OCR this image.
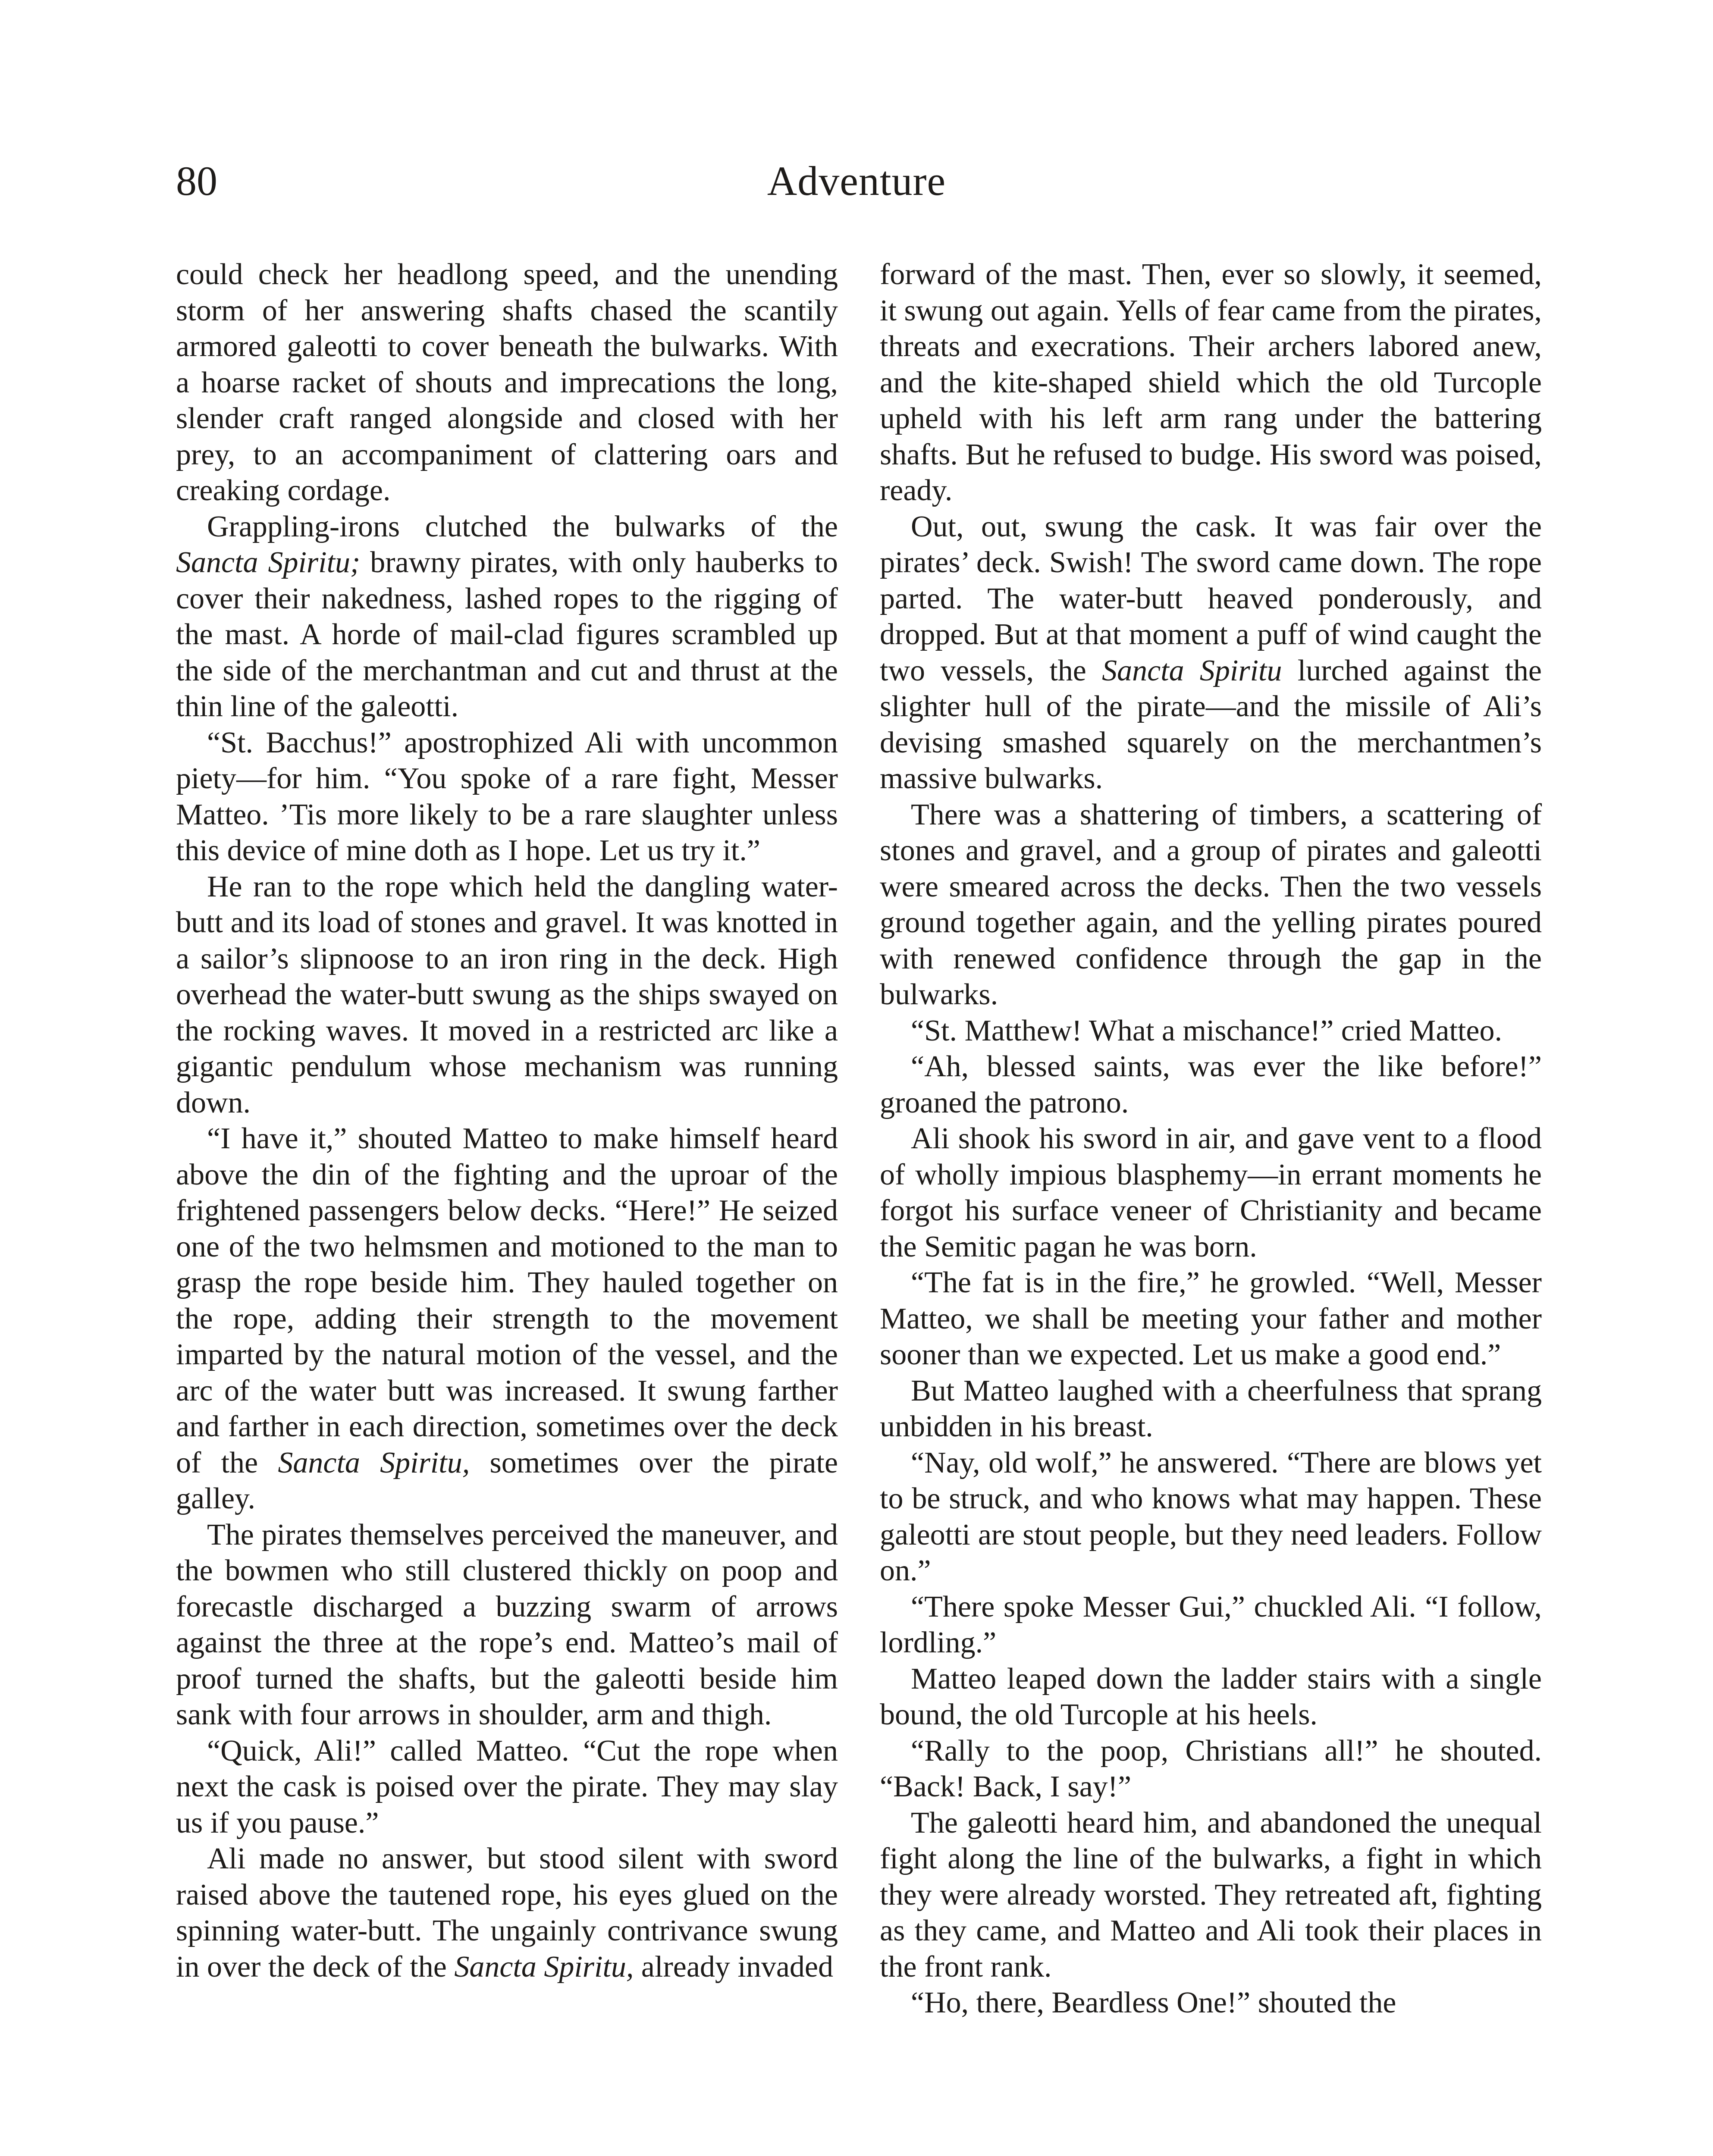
80	Adventure

could check her headlong speed, and the unending storm of her answering shafts chased the scantily armored galeotti to cover beneath the bulwarks. With a hoarse racket of shouts and imprecations the long, slender craft ranged alongside and closed with her prey, to an accompaniment of clattering oars and creaking cordage.

Grappling-irons clutched the bulwarks of the Sancta Spiritu; brawny pirates, with only hauberks to cover their nakedness, lashed ropes to the rigging of the mast. A horde of mail-clad figures scrambled up the side of the merchantman and cut and thrust at the thin line of the galeotti.

“St. Bacchus!” apostrophized Ali with uncommon piety—for him. “You spoke of a rare fight, Messer Matteo. ’Tis more likely to be a rare slaughter unless this device of mine doth as I hope. Let us try it.”

He ran to the rope which held the dangling water-butt and its load of stones and gravel. It was knotted in a sailor’s slipnoose to an iron ring in the deck. High overhead the water-butt swung as the ships swayed on the rocking waves. It moved in a restricted arc like a gigantic pendulum whose mechanism was running down.

“I have it,” shouted Matteo to make himself heard above the din of the fighting and the uproar of the frightened passengers below decks. “Here!” He seized one of the two helmsmen and motioned to the man to grasp the rope beside him. They hauled together on the rope, adding their strength to the movement imparted by the natural motion of the vessel, and the arc of the water butt was increased. It swung farther and farther in each direction, sometimes over the deck of the Sancta Spiritu, sometimes over the pirate galley.

The pirates themselves perceived the maneuver, and the bowmen who still clustered thickly on poop and forecastle discharged a buzzing swarm of arrows against the three at the rope’s end. Matteo’s mail of proof turned the shafts, but the galeotti beside him sank with four arrows in shoulder, arm and thigh.

“Quick, Ali!” called Matteo. “Cut the rope when next the cask is poised over the pirate. They may slay us if you pause.”

Ali made no answer, but stood silent with sword raised above the tautened rope, his eyes glued on the spinning water-butt. The ungainly contrivance swung in over the deck of the Sancta Spiritu, already invaded

forward of the mast. Then, ever so slowly, it seemed, it swung out again. Yells of fear came from the pirates, threats and execrations. Their archers labored anew, and the kite-shaped shield which the old Turcople upheld with his left arm rang under the battering shafts. But he refused to budge. His sword was poised, ready.

Out, out, swung the cask. It was fair over the pirates’ deck. Swish! The sword came down. The rope parted. The water-butt heaved ponderously, and dropped. But at that moment a puff of wind caught the two vessels, the Sancta Spiritu lurched against the slighter hull of the pirate—and the missile of Ali’s devising smashed squarely on the merchantmen’s massive bulwarks.

There was a shattering of timbers, a scattering of stones and gravel, and a group of pirates and galeotti were smeared across the decks. Then the two vessels ground together again, and the yelling pirates poured with renewed confidence through the gap in the bulwarks.

“St. Matthew! What a mischance!” cried Matteo.

“Ah, blessed saints, was ever the like before!” groaned the patrono.

Ali shook his sword in air, and gave vent to a flood of wholly impious blasphemy—in errant moments he forgot his surface veneer of Christianity and became the Semitic pagan he was born.

“The fat is in the fire,” he growled. “Well, Messer Matteo, we shall be meeting your father and mother sooner than we expected. Let us make a good end.”

But Matteo laughed with a cheerfulness that sprang unbidden in his breast.

“Nay, old wolf,” he answered. “There are blows yet to be struck, and who knows what may happen. These galeotti are stout people, but they need leaders. Follow on.”

“There spoke Messer Gui,” chuckled Ali. “I follow, lordling.”

Matteo leaped down the ladder stairs with a single bound, the old Turcople at his heels.

“Rally to the poop, Christians all!” he shouted. “Back! Back, I say!”

The galeotti heard him, and abandoned the unequal fight along the line of the bulwarks, a fight in which they were already worsted. They retreated aft, fighting as they came, and Matteo and Ali took their places in the front rank.

“Ho, there, Beardless One!” shouted the
